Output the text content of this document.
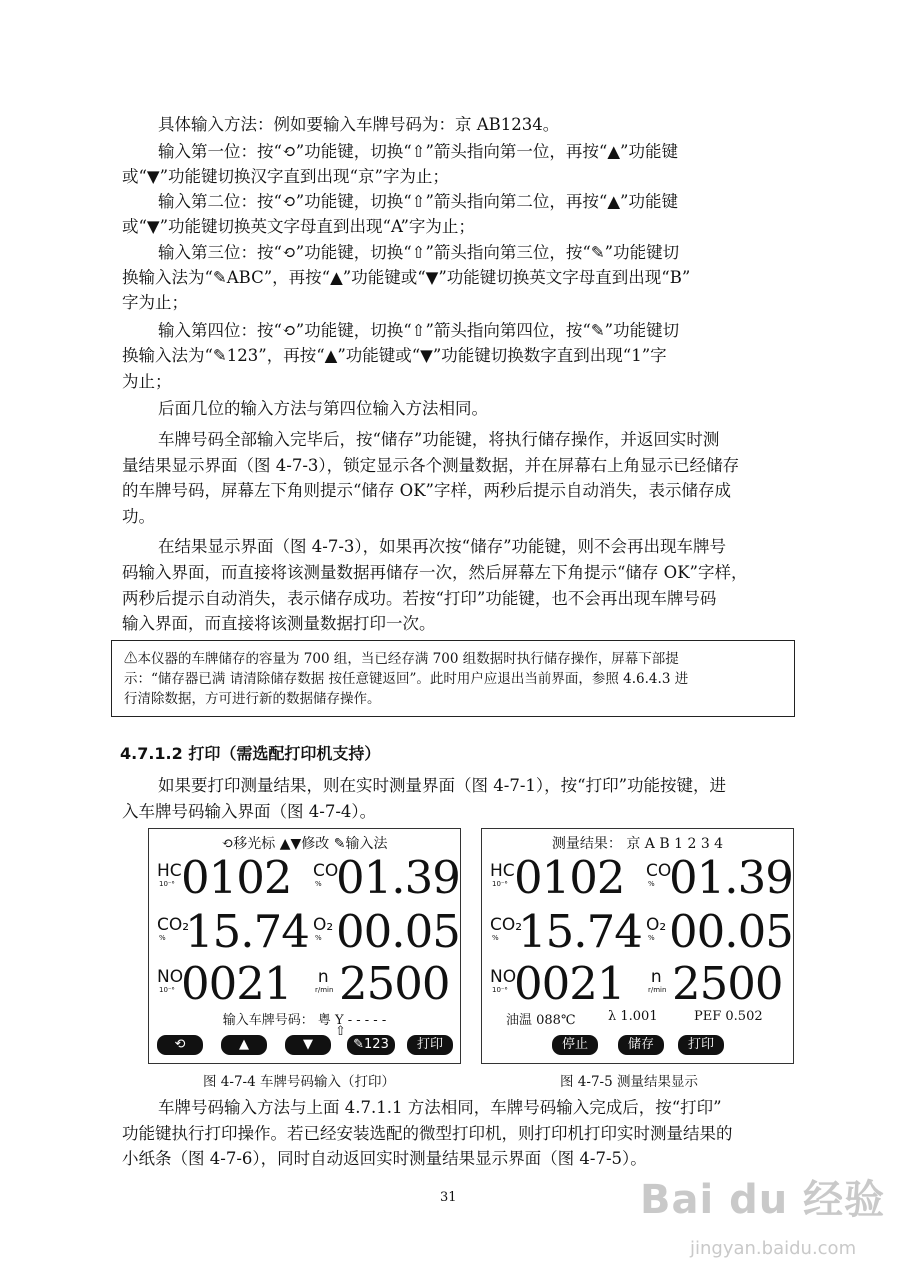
具体输入方法：例如要输入车牌号码为：京 AB1234。
输入第一位：按“⟲”功能键，切换“⇧”箭头指向第一位，再按“▲”功能键
或“▼”功能键切换汉字直到出现“京”字为止；
输入第二位：按“⟲”功能键，切换“⇧”箭头指向第二位，再按“▲”功能键
或“▼”功能键切换英文字母直到出现“A”字为止；
输入第三位：按“⟲”功能键，切换“⇧”箭头指向第三位，按“✎”功能键切
换输入法为“✎ABC”，再按“▲”功能键或“▼”功能键切换英文字母直到出现“B”
字为止；
输入第四位：按“⟲”功能键，切换“⇧”箭头指向第四位，按“✎”功能键切
换输入法为“✎123”，再按“▲”功能键或“▼”功能键切换数字直到出现“1”字
为止；
后面几位的输入方法与第四位输入方法相同。
车牌号码全部输入完毕后，按“储存”功能键，将执行储存操作，并返回实时测
量结果显示界面（图 4-7-3），锁定显示各个测量数据，并在屏幕右上角显示已经储存
的车牌号码，屏幕左下角则提示“储存 OK”字样，两秒后提示自动消失，表示储存成
功。
在结果显示界面（图 4-7-3），如果再次按“储存”功能键，则不会再出现车牌号
码输入界面，而直接将该测量数据再储存一次，然后屏幕左下角提示“储存 OK”字样，
两秒后提示自动消失，表示储存成功。若按“打印”功能键，也不会再出现车牌号码
输入界面，而直接将该测量数据打印一次。
⚠本仪器的车牌储存的容量为 700 组，当已经存满 700 组数据时执行储存操作，屏幕下部提
示：“储存器已满 请清除储存数据 按任意键返回”。此时用户应退出当前界面，参照 4.6.4.3 进
行清除数据，方可进行新的数据储存操作。
4.7.1.2 打印（需选配打印机支持）
如果要打印测量结果，则在实时测量界面（图 4-7-1），按“打印”功能按键，进
入车牌号码输入界面（图 4-7-4）。
⟲移光标 ▲▼修改 ✎输入法
HC
10⁻⁶ 0102 CO
% 01.39
CO₂
% 15.74 O₂
% 00.05
NO
10⁻⁶ 0021 n
r/min 2500
输入车牌号码： 粤 Y - - - - -
⇧
⟲	▲	▼	✎123	打印
测量结果： 京 A B 1 2 3 4
HC
10⁻⁶ 0102 CO
% 01.39
CO₂
% 15.74 O₂
% 00.05
NO
10⁻⁶ 0021 n
r/min 2500
油温 088℃	λ 1.001	PEF 0.502
停止	储存	打印
图 4-7-4 车牌号码输入（打印）	图 4-7-5 测量结果显示
车牌号码输入方法与上面 4.7.1.1 方法相同，车牌号码输入完成后，按“打印”
功能键执行打印操作。若已经安装选配的微型打印机，则打印机打印实时测量结果的
小纸条（图 4-7-6），同时自动返回实时测量结果显示界面（图 4-7-5）。
31	Bai du 经验
jingyan.baidu.com
